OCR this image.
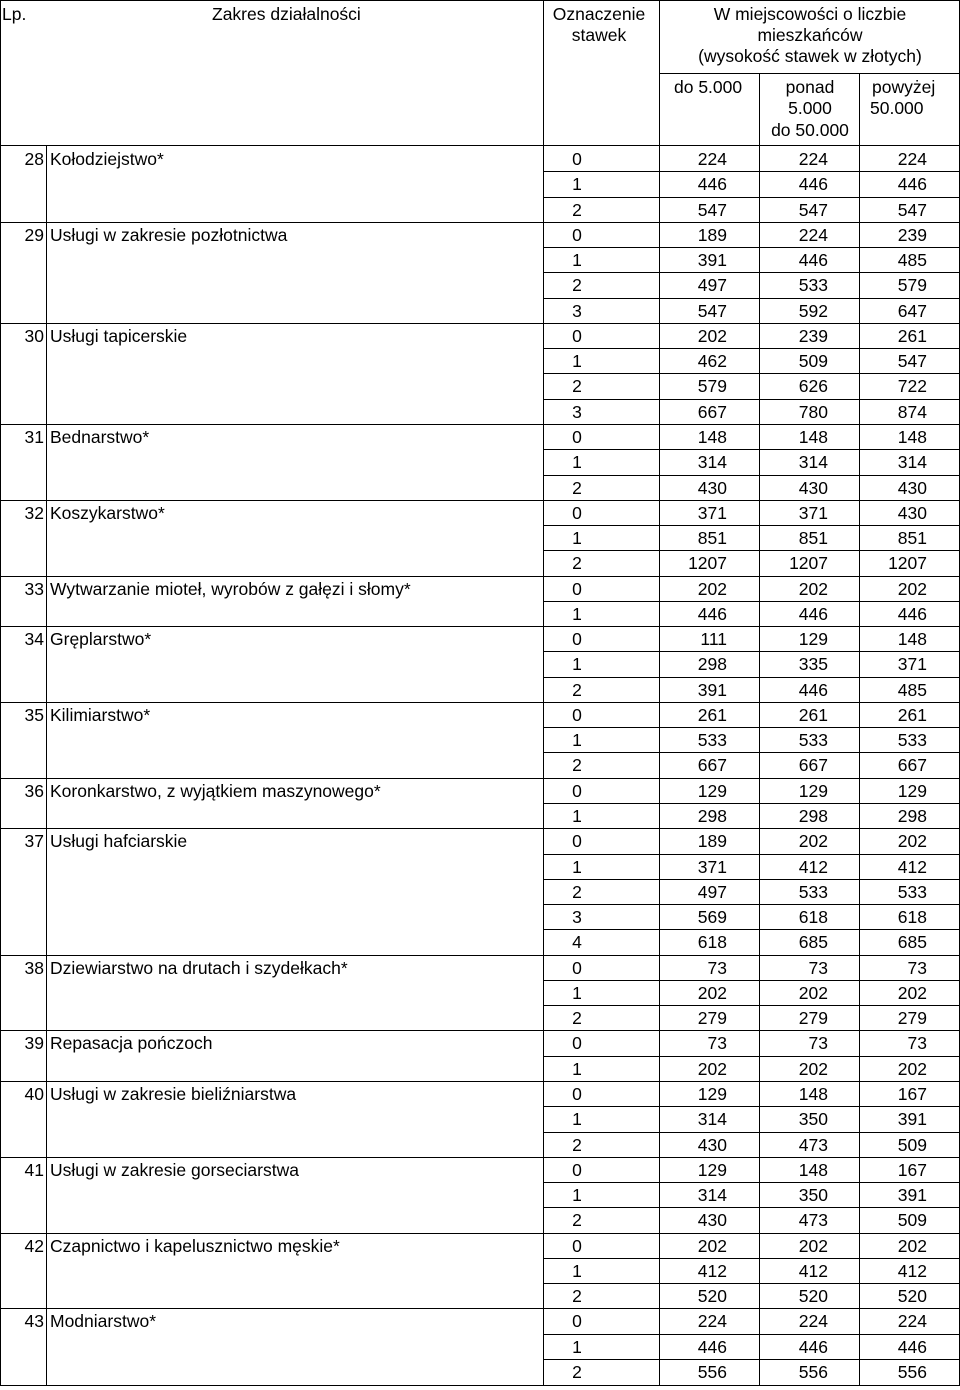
Lp.	Zakres działalności	Oznaczenie
stawek
W miejscowości o liczbie
mieszkańców
(wysokość stawek w złotych)
do 5.000	ponad
5.000
do 50.000
powyżej
50.000
28 Kołodziejstwo*	0	224	224	224
1	446	446	446
2	547	547	547
29 Usługi w zakresie pozłotnictwa	0	189	224	239
1	391	446	485
2	497	533	579
3	547	592	647
30 Usługi tapicerskie	0	202	239	261
1	462	509	547
2	579	626	722
3	667	780	874
31 Bednarstwo*	0	148	148	148
1	314	314	314
2	430	430	430
32 Koszykarstwo*	0	371	371	430
1	851	851	851
2	1207	1207	1207
33 Wytwarzanie mioteł, wyrobów z gałęzi i słomy*	0	202	202	202
1	446	446	446
34 Gręplarstwo*	0	111	129	148
1	298	335	371
2	391	446	485
35 Kilimiarstwo*	0	261	261	261
1	533	533	533
2	667	667	667
36 Koronkarstwo, z wyjątkiem maszynowego*	0	129	129	129
1	298	298	298
37 Usługi hafciarskie	0	189	202	202
1	371	412	412
2	497	533	533
3	569	618	618
4	618	685	685
38 Dziewiarstwo na drutach i szydełkach*	0	73	73	73
1	202	202	202
2	279	279	279
39 Repasacja pończoch	0	73	73	73
1	202	202	202
40 Usługi w zakresie bieliźniarstwa	0	129	148	167
1	314	350	391
2	430	473	509
41 Usługi w zakresie gorseciarstwa	0	129	148	167
1	314	350	391
2	430	473	509
42 Czapnictwo i kapelusznictwo męskie*	0	202	202	202
1	412	412	412
2	520	520	520
43 Modniarstwo*	0	224	224	224
1	446	446	446
2	556	556	556
